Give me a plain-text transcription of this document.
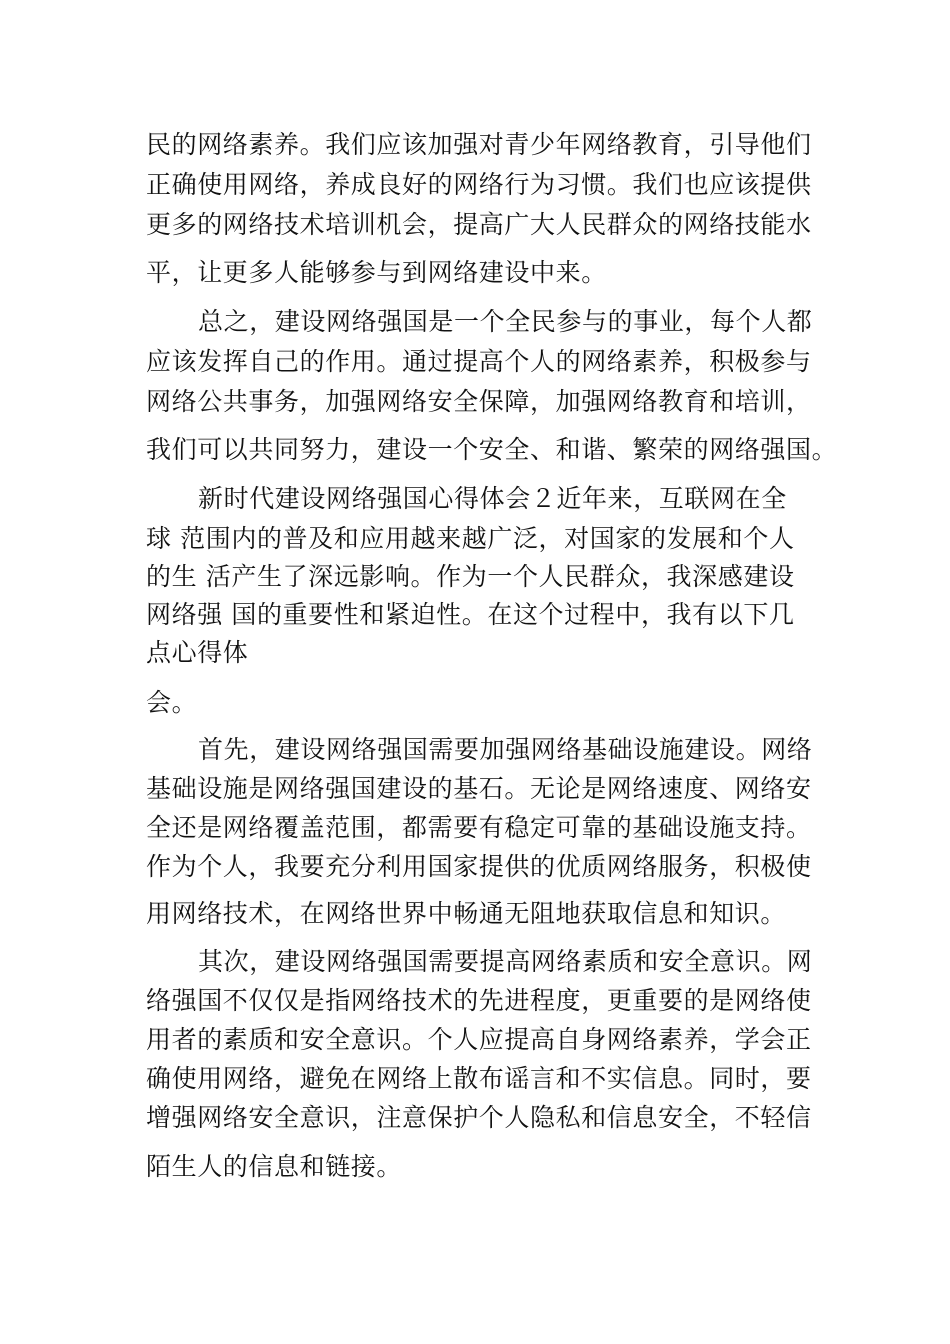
民的网络素养。我们应该加强对青少年网络教育，引导他们
正确使用网络，养成良好的网络行为习惯。我们也应该提供
更多的网络技术培训机会，提高广大人民群众的网络技能水
平，让更多人能够参与到网络建设中来。
总之，建设网络强国是一个全民参与的事业，每个人都
应该发挥自己的作用。通过提高个人的网络素养，积极参与
网络公共事务，加强网络安全保障，加强网络教育和培训，
我们可以共同努力，建设一个安全、和谐、繁荣的网络强国。
新时代建设网络强国心得体会２近年来，互联网在全
球 范围内的普及和应用越来越广泛，对国家的发展和个人
的生 活产生了深远影响。作为一个人民群众，我深感建设
网络强 国的重要性和紧迫性。在这个过程中，我有以下几
点心得体
会。
首先，建设网络强国需要加强网络基础设施建设。网络
基础设施是网络强国建设的基石。无论是网络速度、网络安
全还是网络覆盖范围，都需要有稳定可靠的基础设施支持。
作为个人，我要充分利用国家提供的优质网络服务，积极使
用网络技术，在网络世界中畅通无阻地获取信息和知识。
其次，建设网络强国需要提高网络素质和安全意识。网
络强国不仅仅是指网络技术的先进程度，更重要的是网络使
用者的素质和安全意识。个人应提高自身网络素养，学会正
确使用网络，避免在网络上散布谣言和不实信息。同时，要
增强网络安全意识，注意保护个人隐私和信息安全，不轻信
陌生人的信息和链接。
